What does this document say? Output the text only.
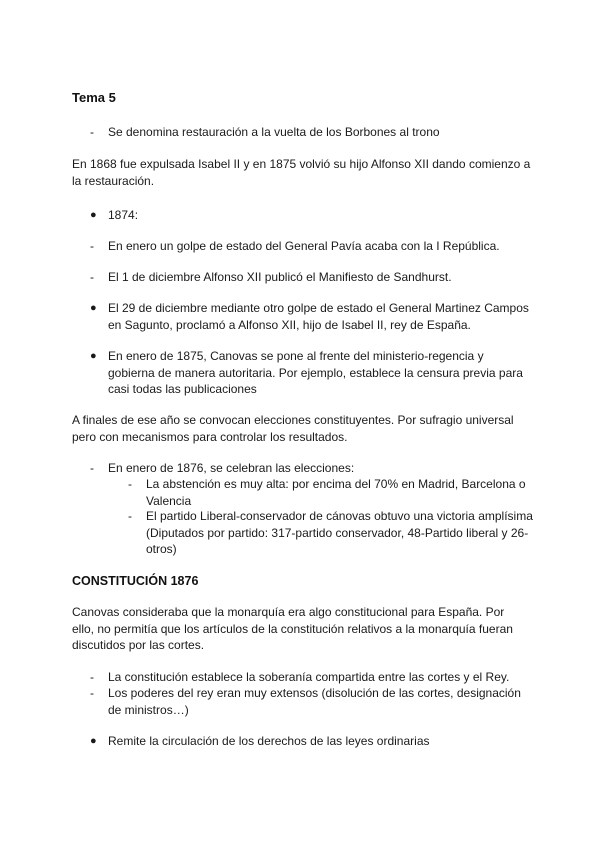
Tema 5
- Se denomina restauración a la vuelta de los Borbones al trono
En 1868 fue expulsada Isabel II y en 1875 volvió su hijo Alfonso XII dando comienzo a la restauración.
● 1874:
- En enero un golpe de estado del General Pavía acaba con la I República.
- El 1 de diciembre Alfonso XII publicó el Manifiesto de Sandhurst.
● El 29 de diciembre mediante otro golpe de estado el General Martinez Campos en Sagunto, proclamó a Alfonso XII, hijo de Isabel II, rey de España.
● En enero de 1875, Canovas se pone al frente del ministerio-regencia y gobierna de manera autoritaria. Por ejemplo, establece la censura previa para casi todas las publicaciones
A finales de ese año se convocan elecciones constituyentes. Por sufragio universal pero con mecanismos para controlar los resultados.
- En enero de 1876, se celebran las elecciones:
- La abstención es muy alta: por encima del 70% en Madrid, Barcelona o Valencia
- El partido Liberal-conservador de cánovas obtuvo una victoria amplísima (Diputados por partido: 317-partido conservador, 48-Partido liberal y 26-otros)
CONSTITUCIÓN 1876
Canovas consideraba que la monarquía era algo constitucional para España. Por ello, no permitía que los artículos de la constitución relativos a la monarquía fueran discutidos por las cortes.
- La constitución establece la soberanía compartida entre las cortes y el Rey.
- Los poderes del rey eran muy extensos (disolución de las cortes, designación de ministros…)
● Remite la circulación de los derechos de las leyes ordinarias
